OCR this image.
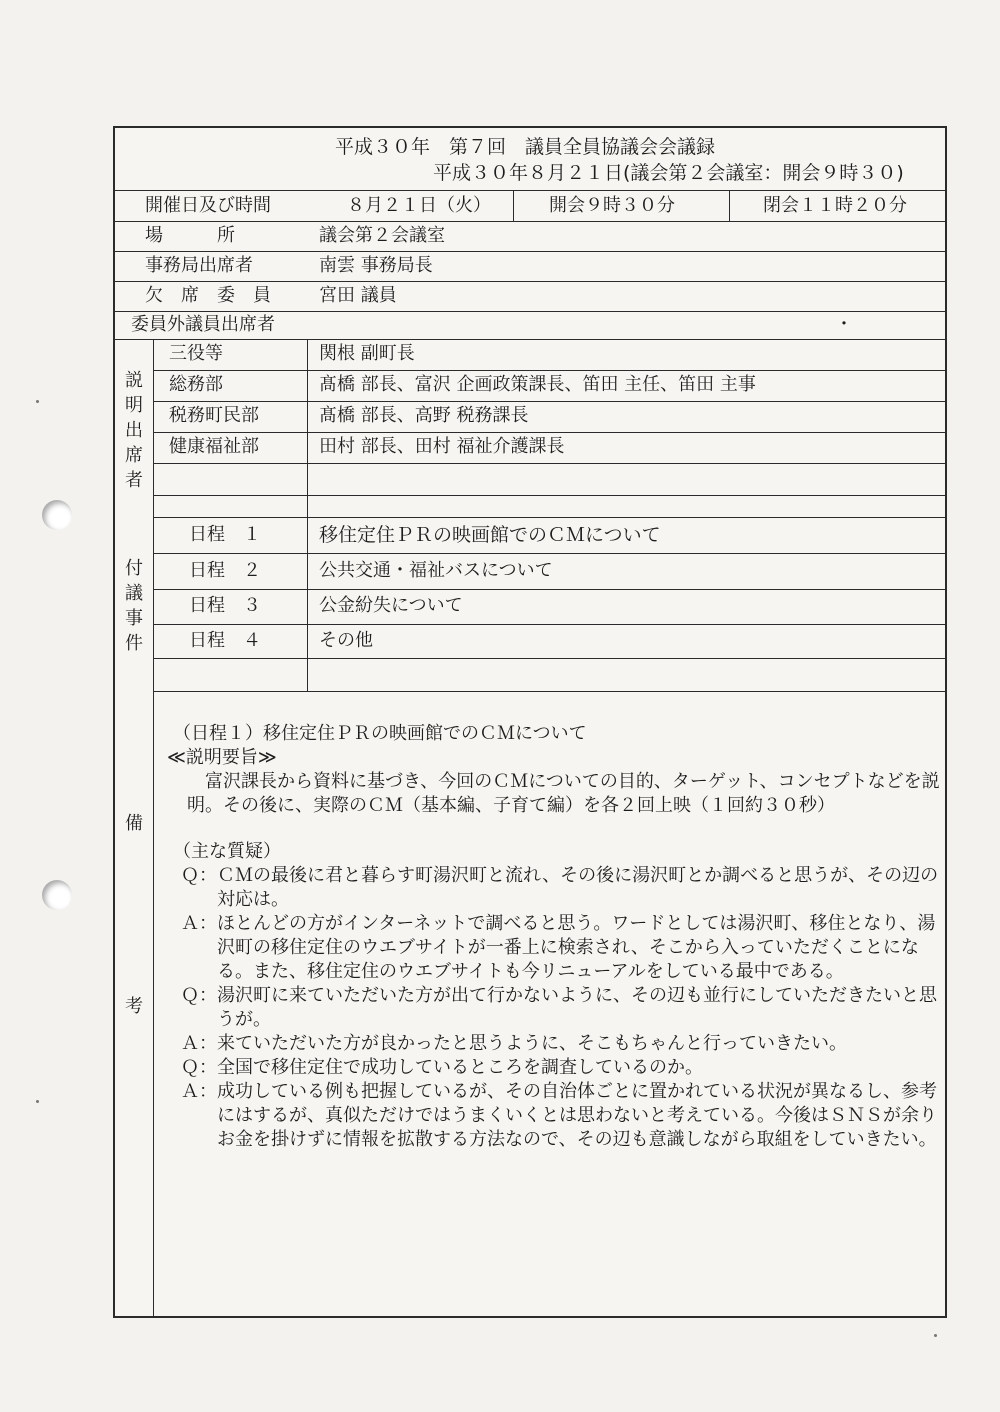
平成３０年　第７回　議員全員協議会会議録
平成３０年８月２１日(議会第２会議室：開会９時３０)
開催日及び時間	８月２１日（火）	開会９時３０分	閉会１１時２０分
場　　　所	議会第２会議室
事務局出席者	南雲 事務局長
欠　席　委　員	宮田 議員
委員外議員出席者	・
説
明
出
席
者
三役等	関根 副町長
総務部	髙橋 部長、富沢 企画政策課長、笛田 主任、笛田 主事
税務町民部	髙橋 部長、高野 税務課長
健康福祉部	田村 部長、田村 福祉介護課長
付
議
事
件
日程　１	移住定住ＰＲの映画館でのＣＭについて
日程　２	公共交通・福祉バスについて
日程　３	公金紛失について
日程　４	その他
備
考

（日程１）移住定住ＰＲの映画館でのＣＭについて

≪説明要旨≫

　富沢課長から資料に基づき、今回のＣＭについての目的、ターゲット、コンセプトなどを説明。その後に、実際のＣＭ（基本編、子育て編）を各２回上映（１回約３０秒）

（主な質疑）

Ｑ： ＣＭの最後に君と暮らす町湯沢町と流れ、その後に湯沢町とか調べると思うが、その辺の対応は。
Ａ： ほとんどの方がインターネットで調べると思う。ワードとしては湯沢町、移住となり、湯沢町の移住定住のウエブサイトが一番上に検索され、そこから入っていただくことになる。また、移住定住のウエブサイトも今リニューアルをしている最中である。
Ｑ： 湯沢町に来ていただいた方が出て行かないように、その辺も並行にしていただきたいと思うが。
Ａ： 来ていただいた方が良かったと思うように、そこもちゃんと行っていきたい。
Ｑ： 全国で移住定住で成功しているところを調査しているのか。
Ａ： 成功している例も把握しているが、その自治体ごとに置かれている状況が異なるし、参考にはするが、真似ただけではうまくいくとは思わないと考えている。今後はＳＮＳが余りお金を掛けずに情報を拡散する方法なので、その辺も意識しながら取組をしていきたい。
